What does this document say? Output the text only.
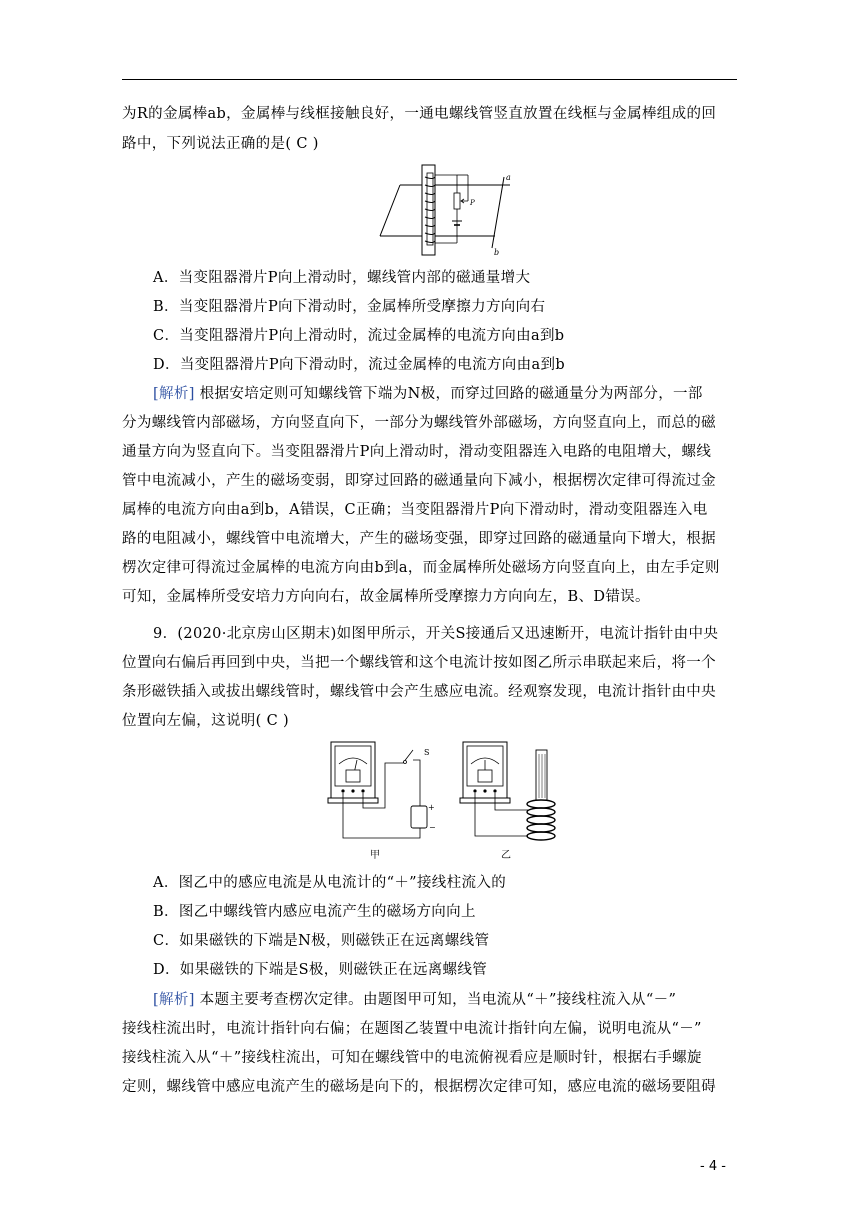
为R的金属棒ab，金属棒与线框接触良好，一通电螺线管竖直放置在线框与金属棒组成的回
路中，下列说法正确的是( C )
a
b
P
A．当变阻器滑片P向上滑动时，螺线管内部的磁通量增大
B．当变阻器滑片P向下滑动时，金属棒所受摩擦力方向向右
C．当变阻器滑片P向上滑动时，流过金属棒的电流方向由a到b
D．当变阻器滑片P向下滑动时，流过金属棒的电流方向由a到b
[解析] 根据安培定则可知螺线管下端为N极，而穿过回路的磁通量分为两部分，一部
分为螺线管内部磁场，方向竖直向下，一部分为螺线管外部磁场，方向竖直向上，而总的磁
通量方向为竖直向下。当变阻器滑片P向上滑动时，滑动变阻器连入电路的电阻增大，螺线
管中电流减小，产生的磁场变弱，即穿过回路的磁通量向下减小，根据楞次定律可得流过金
属棒的电流方向由a到b，A错误，C正确；当变阻器滑片P向下滑动时，滑动变阻器连入电
路的电阻减小，螺线管中电流增大，产生的磁场变强，即穿过回路的磁通量向下增大，根据
楞次定律可得流过金属棒的电流方向由b到a，而金属棒所处磁场方向竖直向上，由左手定则
可知，金属棒所受安培力方向向右，故金属棒所受摩擦力方向向左，B、D错误。
9．(2020·北京房山区期末)如图甲所示，开关S接通后又迅速断开，电流计指针由中央
位置向右偏后再回到中央，当把一个螺线管和这个电流计按如图乙所示串联起来后，将一个
条形磁铁插入或拔出螺线管时，螺线管中会产生感应电流。经观察发现，电流计指针由中央
位置向左偏，这说明( C )
S
+
−
甲	乙
A．图乙中的感应电流是从电流计的“＋”接线柱流入的
B．图乙中螺线管内感应电流产生的磁场方向向上
C．如果磁铁的下端是N极，则磁铁正在远离螺线管
D．如果磁铁的下端是S极，则磁铁正在远离螺线管
[解析] 本题主要考查楞次定律。由题图甲可知，当电流从“＋”接线柱流入从“－”
接线柱流出时，电流计指针向右偏；在题图乙装置中电流计指针向左偏，说明电流从“－”
接线柱流入从“＋”接线柱流出，可知在螺线管中的电流俯视看应是顺时针，根据右手螺旋
定则，螺线管中感应电流产生的磁场是向下的，根据楞次定律可知，感应电流的磁场要阻碍
- 4 -
